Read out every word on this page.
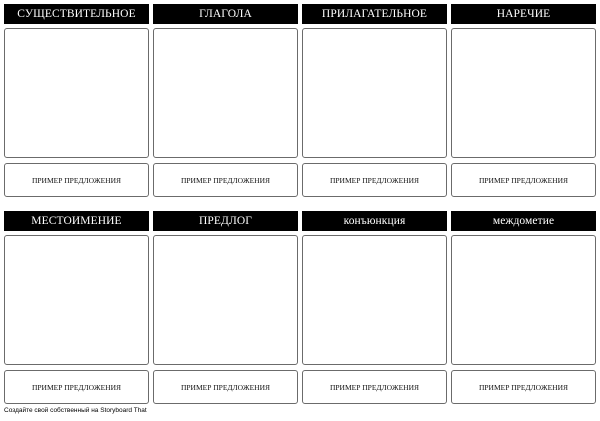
СУЩЕСТВИТЕЛЬНОЕ
ПРИМЕР ПРЕДЛОЖЕНИЯ
ГЛАГОЛА
ПРИМЕР ПРЕДЛОЖЕНИЯ
ПРИЛАГАТЕЛЬНОЕ
ПРИМЕР ПРЕДЛОЖЕНИЯ
НАРЕЧИЕ
ПРИМЕР ПРЕДЛОЖЕНИЯ
МЕСТОИМЕНИЕ
ПРИМЕР ПРЕДЛОЖЕНИЯ
ПРЕДЛОГ
ПРИМЕР ПРЕДЛОЖЕНИЯ
конъюнкция
ПРИМЕР ПРЕДЛОЖЕНИЯ
междометие
ПРИМЕР ПРЕДЛОЖЕНИЯ
Создайте свой собственный на Storyboard That
